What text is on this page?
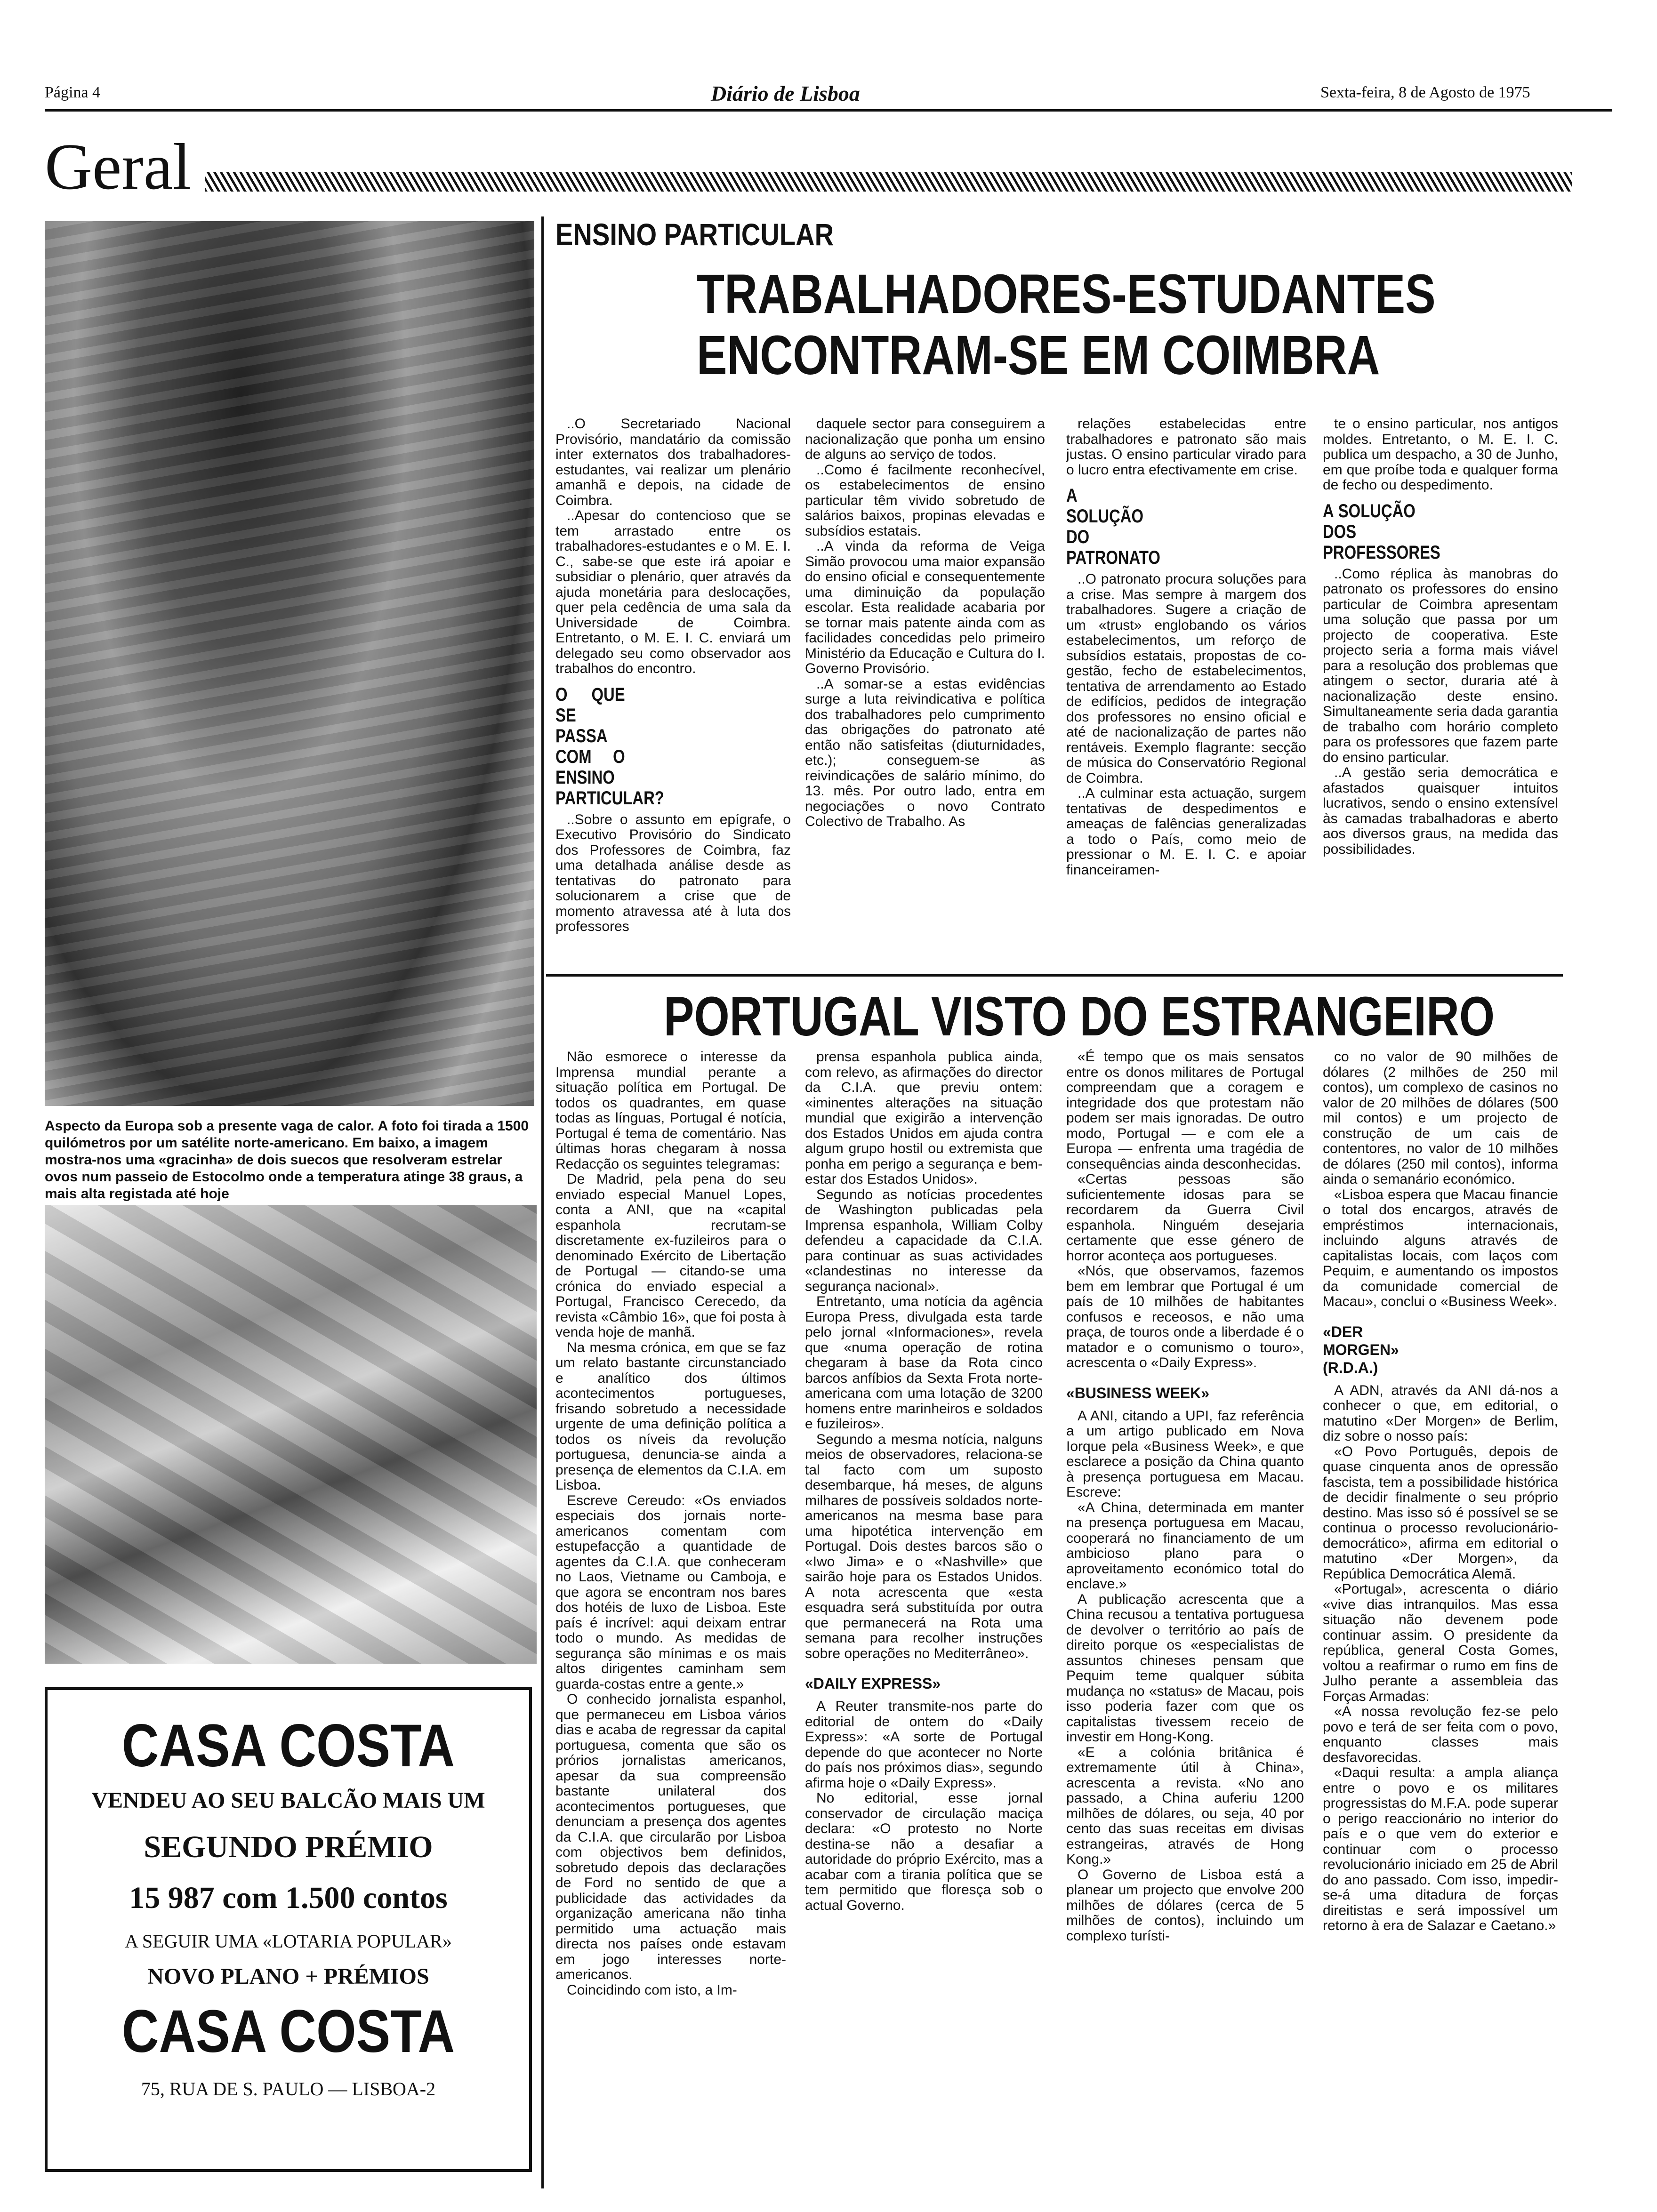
Página 4	Diário de Lisboa	Sexta-feira, 8 de Agosto de 1975
Geral
Aspecto da Europa sob a presente vaga de calor. A foto foi tirada a 1500 quilómetros por um satélite norte-americano. Em baixo, a imagem mostra-nos uma «gracinha» de dois suecos que resolveram estrelar ovos num passeio de Estocolmo onde a temperatura atinge 38 graus, a mais alta registada até hoje
CASA COSTA
VENDEU AO SEU BALCÃO MAIS UM
SEGUNDO PRÉMIO
15 987 com 1.500 contos
A SEGUIR UMA «LOTARIA POPULAR»
NOVO PLANO + PRÉMIOS
CASA COSTA
75, RUA DE S. PAULO — LISBOA-2
ENSINO PARTICULAR
TRABALHADORES-ESTUDANTES
ENCONTRAM-SE EM COIMBRA

..O Secretariado Nacional Provisório, mandatário da comissão inter externatos dos trabalhadores-estudantes, vai realizar um plenário amanhã e depois, na cidade de Coimbra.
..Apesar do contencioso que se tem arrastado entre os trabalhadores-estudantes e o M. E. I. C., sabe-se que este irá apoiar e subsidiar o plenário, quer através da ajuda monetária para deslocações, quer pela cedência de uma sala da Universidade de Coimbra. Entretanto, o M. E. I. C. enviará um delegado seu como observador aos trabalhos do encontro.

O QUE SE PASSA COM O ENSINO PARTICULAR?

..Sobre o assunto em epígrafe, o Executivo Provisório do Sindicato dos Professores de Coimbra, faz uma detalhada análise desde as tentativas do patronato para solucionarem a crise que de momento atravessa até à luta dos professores

daquele sector para conseguirem a nacionalização que ponha um ensino de alguns ao serviço de todos.
..Como é facilmente reconhecível, os estabelecimentos de ensino particular têm vivido sobretudo de salários baixos, propinas elevadas e subsídios estatais.
..A vinda da reforma de Veiga Simão provocou uma maior expansão do ensino oficial e consequentemente uma diminuição da população escolar. Esta realidade acabaria por se tornar mais patente ainda com as facilidades concedidas pelo primeiro Ministério da Educação e Cultura do I. Governo Provisório.
..A somar-se a estas evidências surge a luta reivindicativa e política dos trabalhadores pelo cumprimento das obrigações do patronato até então não satisfeitas (diuturnidades, etc.); conseguem-se as reivindicações de salário mínimo, do 13. mês. Por outro lado, entra em negociações o novo Contrato Colectivo de Trabalho. As

relações estabelecidas entre trabalhadores e patronato são mais justas. O ensino particular virado para o lucro entra efectivamente em crise.

A SOLUÇÃO DO PATRONATO

..O patronato procura soluções para a crise. Mas sempre à margem dos trabalhadores. Sugere a criação de um «trust» englobando os vários estabelecimentos, um reforço de subsídios estatais, propostas de co-gestão, fecho de estabelecimentos, tentativa de arrendamento ao Estado de edifícios, pedidos de integração dos professores no ensino oficial e até de nacionalização de partes não rentáveis. Exemplo flagrante: secção de música do Conservatório Regional de Coimbra.
..A culminar esta actuação, surgem tentativas de despedimentos e ameaças de falências generalizadas a todo o País, como meio de pressionar o M. E. I. C. e apoiar financeiramen-

te o ensino particular, nos antigos moldes. Entretanto, o M. E. I. C. publica um despacho, a 30 de Junho, em que proíbe toda e qualquer forma de fecho ou despedimento.

A SOLUÇÃO DOS PROFESSORES

..Como réplica às manobras do patronato os professores do ensino particular de Coimbra apresentam uma solução que passa por um projecto de cooperativa. Este projecto seria a forma mais viável para a resolução dos problemas que atingem o sector, duraria até à nacionalização deste ensino. Simultaneamente seria dada garantia de trabalho com horário completo para os professores que fazem parte do ensino particular.
..A gestão seria democrática e afastados quaisquer intuitos lucrativos, sendo o ensino extensível às camadas trabalhadoras e aberto aos diversos graus, na medida das possibilidades.

PORTUGAL VISTO DO ESTRANGEIRO

Não esmorece o interesse da Imprensa mundial perante a situação política em Portugal. De todos os quadrantes, em quase todas as línguas, Portugal é notícia, Portugal é tema de comentário. Nas últimas horas chegaram à nossa Redacção os seguintes telegramas:
De Madrid, pela pena do seu enviado especial Manuel Lopes, conta a ANI, que na «capital espanhola recrutam-se discretamente ex-fuzileiros para o denominado Exército de Libertação de Portugal — citando-se uma crónica do enviado especial a Portugal, Francisco Cerecedo, da revista «Câmbio 16», que foi posta à venda hoje de manhã.
Na mesma crónica, em que se faz um relato bastante circunstanciado e analítico dos últimos acontecimentos portugueses, frisando sobretudo a necessidade urgente de uma definição política a todos os níveis da revolução portuguesa, denuncia-se ainda a presença de elementos da C.I.A. em Lisboa.
Escreve Cereudo: «Os enviados especiais dos jornais norte-americanos comentam com estupefacção a quantidade de agentes da C.I.A. que conheceram no Laos, Vietname ou Camboja, e que agora se encontram nos bares dos hotéis de luxo de Lisboa. Este país é incrível: aqui deixam entrar todo o mundo. As medidas de segurança são mínimas e os mais altos dirigentes caminham sem guarda-costas entre a gente.»
O conhecido jornalista espanhol, que permaneceu em Lisboa vários dias e acaba de regressar da capital portuguesa, comenta que são os prórios jornalistas americanos, apesar da sua compreensão bastante unilateral dos acontecimentos portugueses, que denunciam a presença dos agentes da C.I.A. que circularão por Lisboa com objectivos bem definidos, sobretudo depois das declarações de Ford no sentido de que a publicidade das actividades da organização americana não tinha permitido uma actuação mais directa nos países onde estavam em jogo interesses norte-americanos.
Coincidindo com isto, a Im-

prensa espanhola publica ainda, com relevo, as afirmações do director da C.I.A. que previu ontem: «iminentes alterações na situação mundial que exigirão a intervenção dos Estados Unidos em ajuda contra algum grupo hostil ou extremista que ponha em perigo a segurança e bem-estar dos Estados Unidos».
Segundo as notícias procedentes de Washington publicadas pela Imprensa espanhola, William Colby defendeu a capacidade da C.I.A. para continuar as suas actividades «clandestinas no interesse da segurança nacional».
Entretanto, uma notícia da agência Europa Press, divulgada esta tarde pelo jornal «Informaciones», revela que «numa operação de rotina chegaram à base da Rota cinco barcos anfíbios da Sexta Frota norte-americana com uma lotação de 3200 homens entre marinheiros e soldados e fuzileiros».
Segundo a mesma notícia, nalguns meios de observadores, relaciona-se tal facto com um suposto desembarque, há meses, de alguns milhares de possíveis soldados norte-americanos na mesma base para uma hipotética intervenção em Portugal. Dois destes barcos são o «Iwo Jima» e o «Nashville» que sairão hoje para os Estados Unidos. A nota acrescenta que «esta esquadra será substituída por outra que permanecerá na Rota uma semana para recolher instruções sobre operações no Mediterrâneo».

«DAILY EXPRESS»

A Reuter transmite-nos parte do editorial de ontem do «Daily Express»: «A sorte de Portugal depende do que acontecer no Norte do país nos próximos dias», segundo afirma hoje o «Daily Express».
No editorial, esse jornal conservador de circulação maciça declara: «O protesto no Norte destina-se não a desafiar a autoridade do próprio Exército, mas a acabar com a tirania política que se tem permitido que floresça sob o actual Governo.

«É tempo que os mais sensatos entre os donos militares de Portugal compreendam que a coragem e integridade dos que protestam não podem ser mais ignoradas. De outro modo, Portugal — e com ele a Europa — enfrenta uma tragédia de consequências ainda desconhecidas.
«Certas pessoas são suficientemente idosas para se recordarem da Guerra Civil espanhola. Ninguém desejaria certamente que esse género de horror aconteça aos portugueses.
«Nós, que observamos, fazemos bem em lembrar que Portugal é um país de 10 milhões de habitantes confusos e receosos, e não uma praça, de touros onde a liberdade é o matador e o comunismo o touro», acrescenta o «Daily Express».

«BUSINESS WEEK»

A ANI, citando a UPI, faz referência a um artigo publicado em Nova Iorque pela «Business Week», e que esclarece a posição da China quanto à presença portuguesa em Macau. Escreve:
«A China, determinada em manter na presença portuguesa em Macau, cooperará no financiamento de um ambicioso plano para o aproveitamento económico total do enclave.»
A publicação acrescenta que a China recusou a tentativa portuguesa de devolver o território ao país de direito porque os «especialistas de assuntos chineses pensam que Pequim teme qualquer súbita mudança no «status» de Macau, pois isso poderia fazer com que os capitalistas tivessem receio de investir em Hong-Kong.
«E a colónia britânica é extremamente útil à China», acrescenta a revista. «No ano passado, a China auferiu 1200 milhões de dólares, ou seja, 40 por cento das suas receitas em divisas estrangeiras, através de Hong Kong.»
O Governo de Lisboa está a planear um projecto que envolve 200 milhões de dólares (cerca de 5 milhões de contos), incluindo um complexo turísti-

co no valor de 90 milhões de dólares (2 milhões de 250 mil contos), um complexo de casinos no valor de 20 milhões de dólares (500 mil contos) e um projecto de construção de um cais de contentores, no valor de 10 milhões de dólares (250 mil contos), informa ainda o semanário económico.
«Lisboa espera que Macau financie o total dos encargos, através de empréstimos internacionais, incluindo alguns através de capitalistas locais, com laços com Pequim, e aumentando os impostos da comunidade comercial de Macau», conclui o «Business Week».

«DER MORGEN» (R.D.A.)

A ADN, através da ANI dá-nos a conhecer o que, em editorial, o matutino «Der Morgen» de Berlim, diz sobre o nosso país:
«O Povo Português, depois de quase cinquenta anos de opressão fascista, tem a possibilidade histórica de decidir finalmente o seu próprio destino. Mas isso só é possível se se continua o processo revolucionário-democrático», afirma em editorial o matutino «Der Morgen», da República Democrática Alemã.
«Portugal», acrescenta o diário «vive dias intranquilos. Mas essa situação não devenem pode continuar assim. O presidente da república, general Costa Gomes, voltou a reafirmar o rumo em fins de Julho perante a assembleia das Forças Armadas:
«A nossa revolução fez-se pelo povo e terá de ser feita com o povo, enquanto classes mais desfavorecidas.
«Daqui resulta: a ampla aliança entre o povo e os militares progressistas do M.F.A. pode superar o perigo reaccionário no interior do país e o que vem do exterior e continuar com o processo revolucionário iniciado em 25 de Abril do ano passado. Com isso, impedir-se-á uma ditadura de forças direitistas e será impossível um retorno à era de Salazar e Caetano.»
